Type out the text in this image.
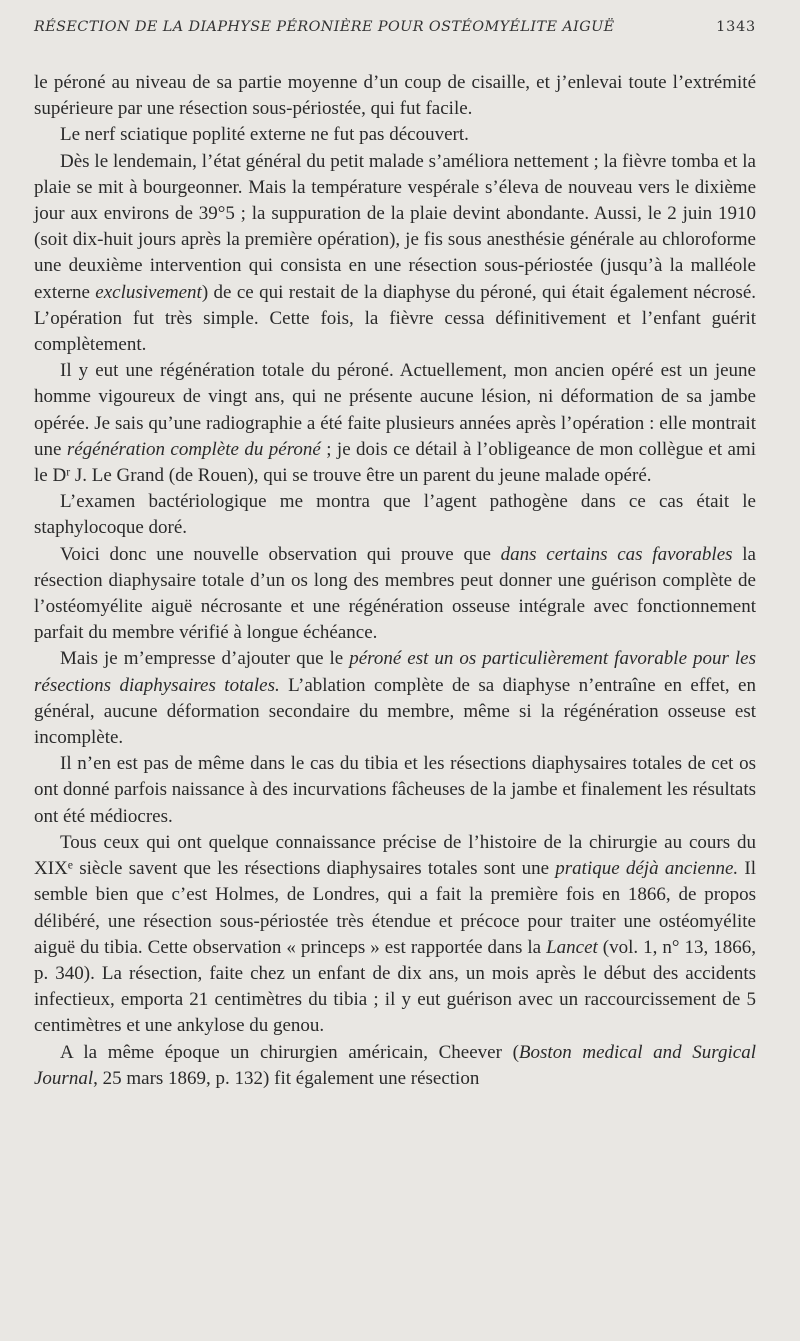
RÉSECTION DE LA DIAPHYSE PÉRONIÈRE POUR OSTÉOMYÉLITE AIGUË	1343

le péroné au niveau de sa partie moyenne d’un coup de cisaille, et j’enlevai toute l’extrémité supérieure par une résection sous-périostée, qui fut facile.

Le nerf sciatique poplité externe ne fut pas découvert.

Dès le lendemain, l’état général du petit malade s’améliora nettement ; la fièvre tomba et la plaie se mit à bourgeonner. Mais la température vespérale s’éleva de nouveau vers le dixième jour aux environs de 39°5 ; la suppuration de la plaie devint abondante. Aussi, le 2 juin 1910 (soit dix-huit jours après la première opération), je fis sous anesthésie générale au chloroforme une deuxième intervention qui consista en une résection sous-périostée (jusqu’à la malléole externe exclusivement) de ce qui restait de la diaphyse du péroné, qui était également nécrosé. L’opération fut très simple. Cette fois, la fièvre cessa définitivement et l’enfant guérit complètement.

Il y eut une régénération totale du péroné. Actuellement, mon ancien opéré est un jeune homme vigoureux de vingt ans, qui ne présente aucune lésion, ni déformation de sa jambe opérée. Je sais qu’une radiographie a été faite plusieurs années après l’opération : elle montrait une régénération complète du péroné ; je dois ce détail à l’obligeance de mon collègue et ami le $D^r$ J. Le Grand (de Rouen), qui se trouve être un parent du jeune malade opéré.

L’examen bactériologique me montra que l’agent pathogène dans ce cas était le staphylocoque doré.

Voici donc une nouvelle observation qui prouve que dans certains cas favorables la résection diaphysaire totale d’un os long des membres peut donner une guérison complète de l’ostéomyélite aiguë nécrosante et une régénération osseuse intégrale avec fonctionnement parfait du membre vérifié à longue échéance.

Mais je m’empresse d’ajouter que le péroné est un os particulièrement favorable pour les résections diaphysaires totales. L’ablation complète de sa diaphyse n’entraîne en effet, en général, aucune déformation secondaire du membre, même si la régénération osseuse est incomplète.

Il n’en est pas de même dans le cas du tibia et les résections diaphysaires totales de cet os ont donné parfois naissance à des incurvations fâcheuses de la jambe et finalement les résultats ont été médiocres.

Tous ceux qui ont quelque connaissance précise de l’histoire de la chirurgie au cours du XIXe siècle savent que les résections diaphysaires totales sont une pratique déjà ancienne. Il semble bien que c’est Holmes, de Londres, qui a fait la première fois en 1866, de propos délibéré, une résection sous-périostée très étendue et précoce pour traiter une ostéomyélite aiguë du tibia. Cette observation « princeps » est rapportée dans la Lancet (vol. 1, n° 13, 1866, p. 340). La résection, faite chez un enfant de dix ans, un mois après le début des accidents infectieux, emporta 21 centimètres du tibia ; il y eut guérison avec un raccourcissement de 5 centimètres et une ankylose du genou.

A la même époque un chirurgien américain, Cheever (Boston medical and Surgical Journal, 25 mars 1869, p. 132) fit également une résection
